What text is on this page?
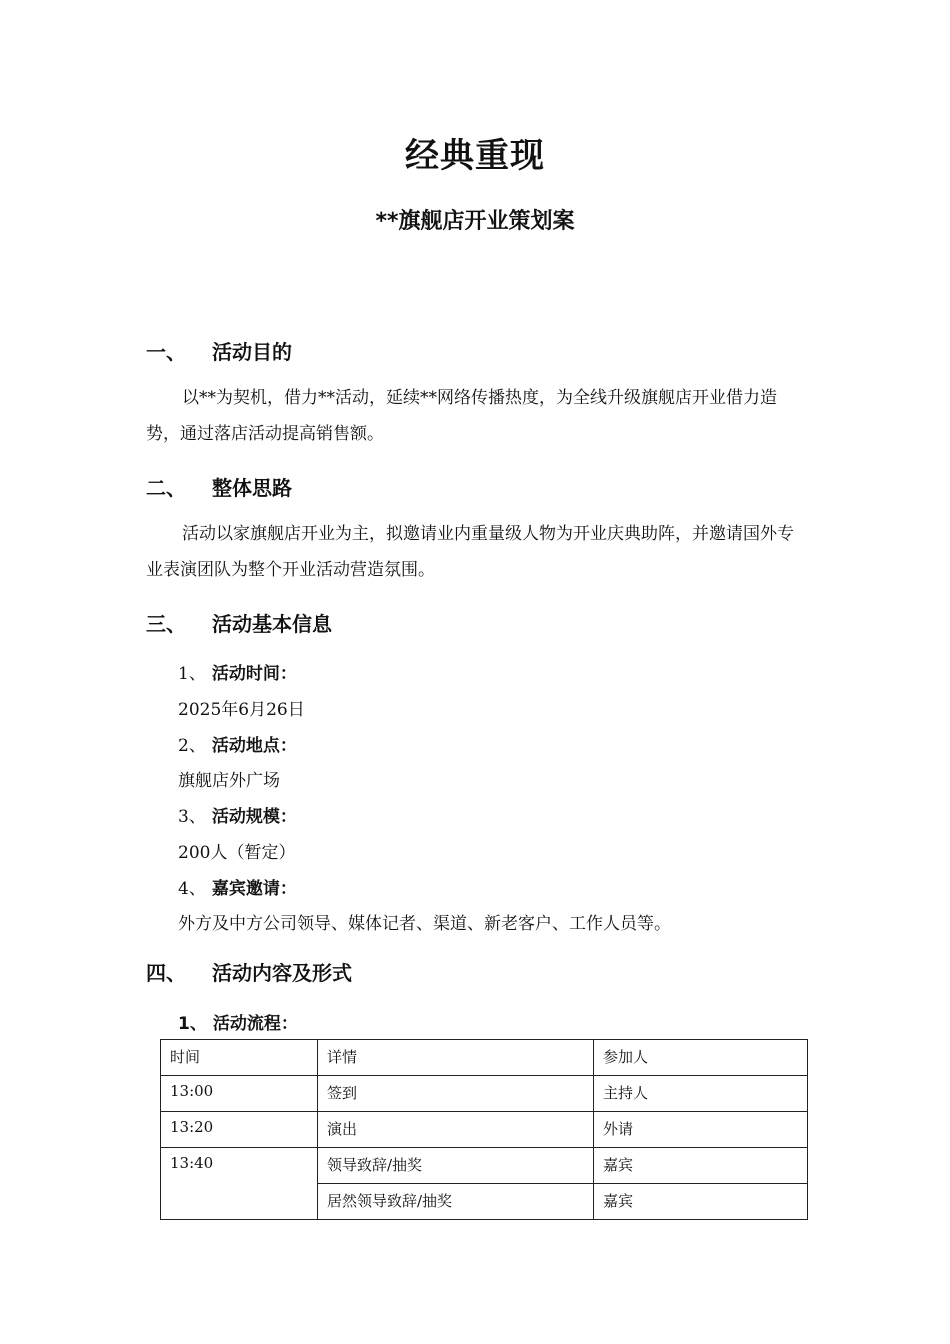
经典重现
**旗舰店开业策划案
一、 活动目的
以**为契机，借力**活动，延续**网络传播热度，为全线升级旗舰店开业借力造势，通过落店活动提高销售额。
二、 整体思路
活动以家旗舰店开业为主，拟邀请业内重量级人物为开业庆典助阵，并邀请国外专业表演团队为整个开业活动营造氛围。
三、 活动基本信息
1、 活动时间：
2025年6月26日
2、 活动地点：
旗舰店外广场
3、 活动规模：
200人（暂定）
4、 嘉宾邀请：
外方及中方公司领导、媒体记者、渠道、新老客户、工作人员等。
四、 活动内容及形式
1、 活动流程：
时间	详情	参加人
13:00	签到	主持人
13:20	演出	外请
13:40	领导致辞/抽奖	嘉宾
	居然领导致辞/抽奖	嘉宾
